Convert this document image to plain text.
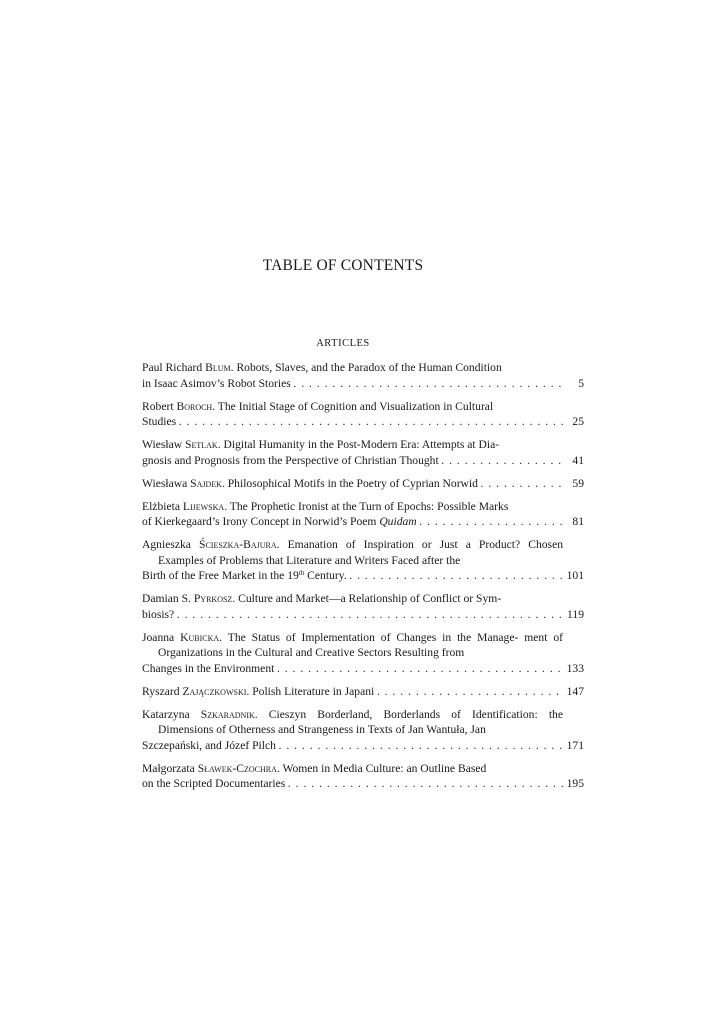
TABLE OF CONTENTS
ARTICLES
Paul Richard Blum. Robots, Slaves, and the Paradox of the Human Condition
in Isaac Asimov’s Robot Stories . . .	5
Robert Boroch. The Initial Stage of Cognition and Visualization in Cultural
Studies . . .	25
Wiesław Setlak. Digital Humanity in the Post-Modern Era: Attempts at Dia-
gnosis and Prognosis from the Perspective of Christian Thought . . .	41
Wiesława Sajdek. Philosophical Motifs in the Poetry of Cyprian Norwid . . .	59
Elżbieta Lijewska. The Prophetic Ironist at the Turn of Epochs: Possible Marks
of Kierkegaard’s Irony Concept in Norwid’s Poem Quidam . . .	81
Agnieszka Ścieszka-Bajura. Emanation of Inspiration or Just a Product? Chosen Examples of Problems that Literature and Writers Faced after the
Birth of the Free Market in the 19th Century. . . .	101
Damian S. Pyrkosz. Culture and Market—a Relationship of Conflict or Sym-
biosis? . . .	119
Joanna Kubicka. The Status of Implementation of Changes in the Manage- ment of Organizations in the Cultural and Creative Sectors Resulting from
Changes in the Environment . . .	133
Ryszard Zajączkowski. Polish Literature in Japani . . .	147
Katarzyna Szkaradnik. Cieszyn Borderland, Borderlands of Identification: the Dimensions of Otherness and Strangeness in Texts of Jan Wantuła, Jan
Szczepański, and Józef Pilch . . .	171
Małgorzata Sławek-Czochra. Women in Media Culture: an Outline Based
on the Scripted Documentaries . . .	195
